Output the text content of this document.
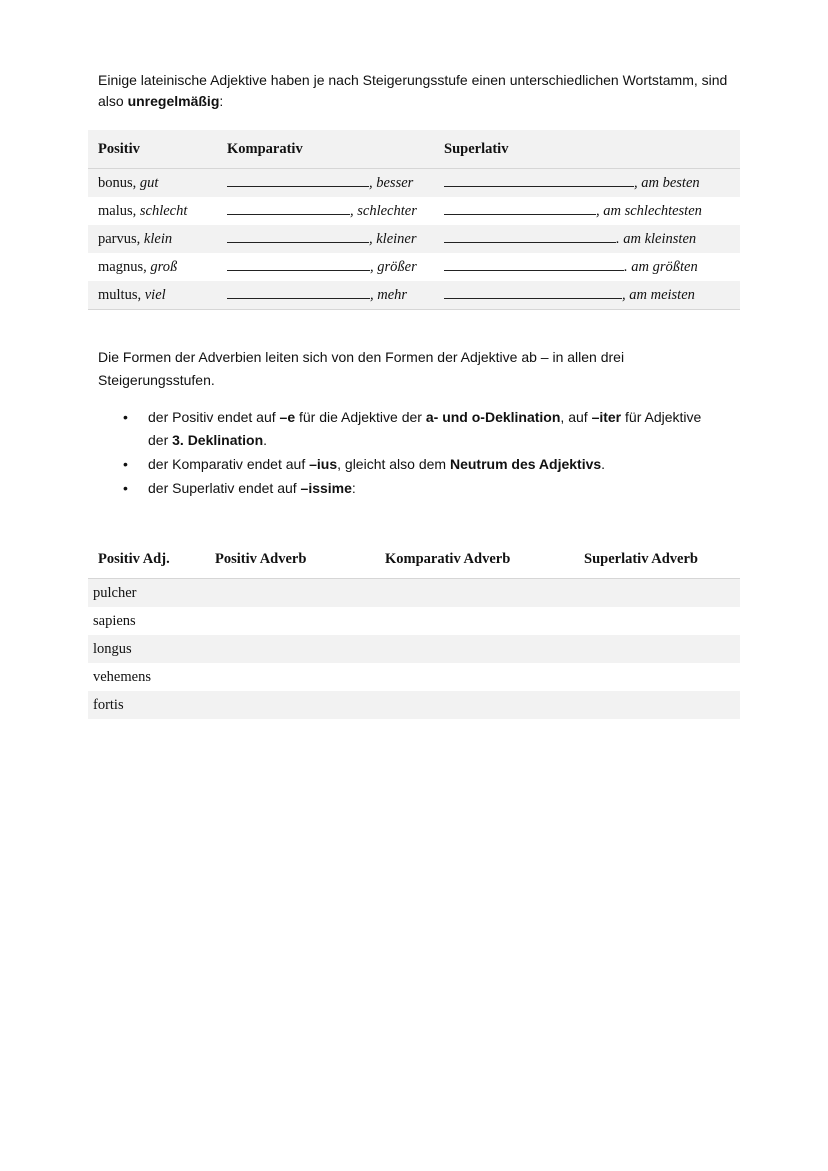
Einige lateinische Adjektive haben je nach Steigerungsstufe einen unterschiedlichen Wortstamm, sind also unregelmäßig:
Positiv	Komparativ	Superlativ
bonus, gut	, besser	, am besten
malus, schlecht	, schlechter	, am schlechtesten
parvus, klein	, kleiner	. am kleinsten
magnus, groß	, größer	. am größten
multus, viel	, mehr	, am meisten
Die Formen der Adverbien leiten sich von den Formen der Adjektive ab – in allen drei Steigerungsstufen.
• der Positiv endet auf –e für die Adjektive der a- und o-Deklination, auf –iter für Adjektive der 3. Deklination.
• der Komparativ endet auf –ius, gleicht also dem Neutrum des Adjektivs.
• der Superlativ endet auf –issime:
Positiv Adj.	Positiv Adverb	Komparativ Adverb	Superlativ Adverb
pulcher			
sapiens			
longus			
vehemens			
fortis			
